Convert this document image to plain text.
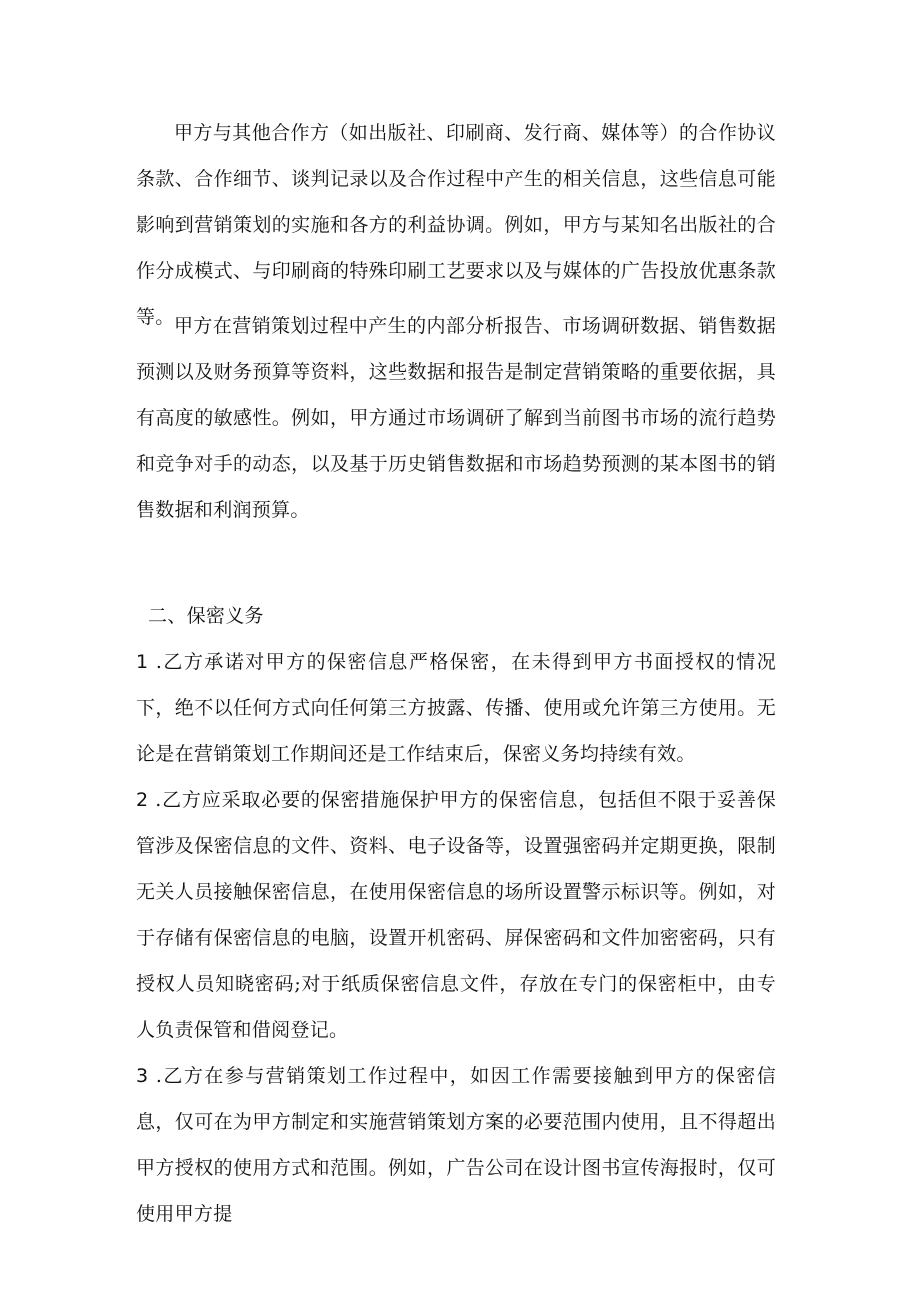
甲方与其他合作方（如出版社、印刷商、发行商、媒体等）的合作协议条款、合作细节、谈判记录以及合作过程中产生的相关信息，这些信息可能影响到营销策划的实施和各方的利益协调。例如，甲方与某知名出版社的合作分成模式、与印刷商的特殊印刷工艺要求以及与媒体的广告投放优惠条款等。 甲方在营销策划过程中产生的内部分析报告、市场调研数据、销售数据预测以及财务预算等资料，这些数据和报告是制定营销策略的重要依据，具有高度的敏感性。例如，甲方通过市场调研了解到当前图书市场的流行趋势和竞争对手的动态，以及基于历史销售数据和市场趋势预测的某本图书的销售数据和利润预算。

二、保密义务

1 .乙方承诺对甲方的保密信息严格保密，在未得到甲方书面授权的情况下，绝不以任何方式向任何第三方披露、传播、使用或允许第三方使用。无论是在营销策划工作期间还是工作结束后，保密义务均持续有效。

2 .乙方应采取必要的保密措施保护甲方的保密信息，包括但不限于妥善保管涉及保密信息的文件、资料、电子设备等，设置强密码并定期更换，限制无关人员接触保密信息，在使用保密信息的场所设置警示标识等。例如，对于存储有保密信息的电脑，设置开机密码、屏保密码和文件加密密码，只有授权人员知晓密码;对于纸质保密信息文件，存放在专门的保密柜中，由专人负责保管和借阅登记。

3 .乙方在参与营销策划工作过程中，如因工作需要接触到甲方的保密信息，仅可在为甲方制定和实施营销策划方案的必要范围内使用，且不得超出甲方授权的使用方式和范围。例如，广告公司在设计图书宣传海报时，仅可使用甲方提
